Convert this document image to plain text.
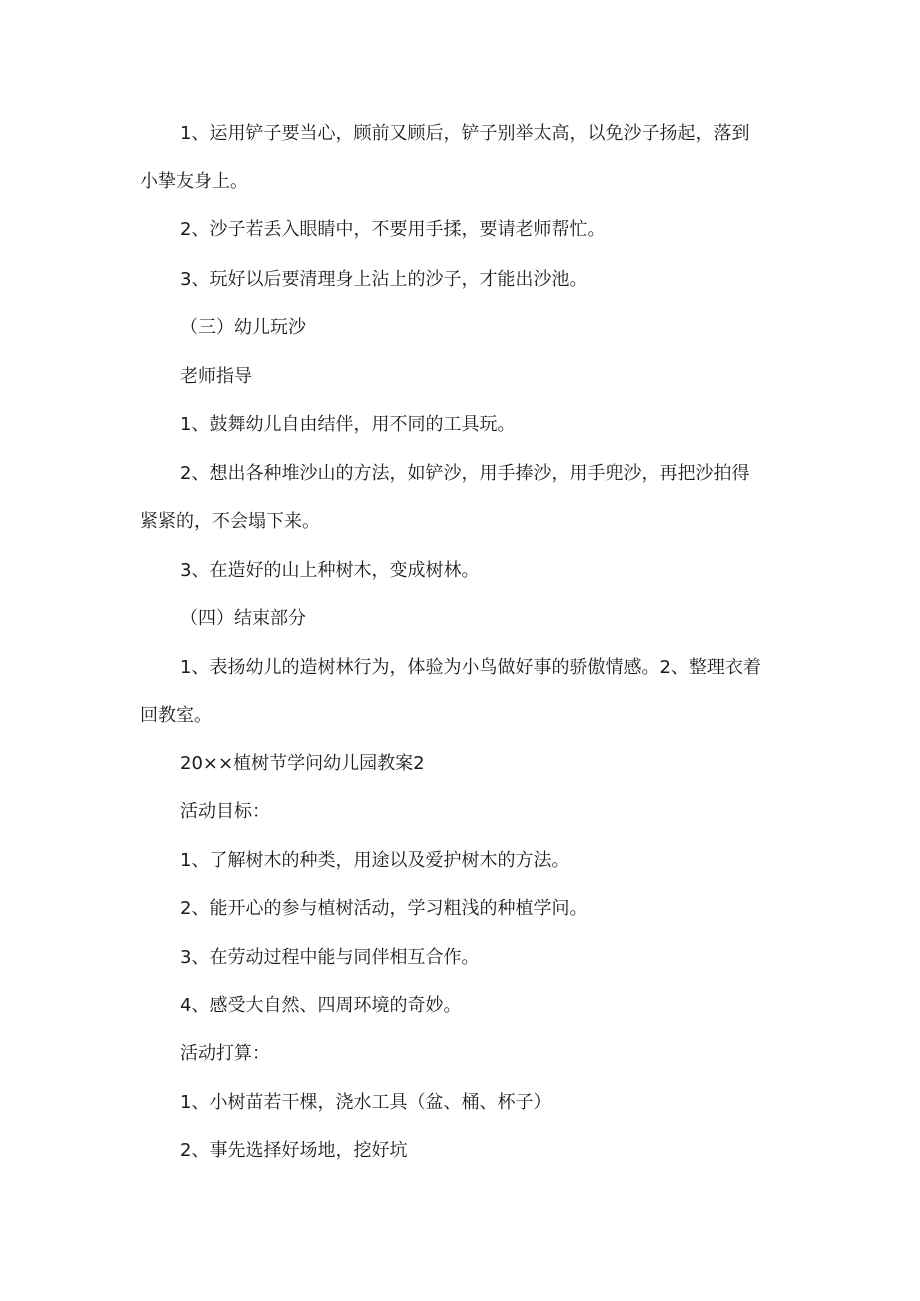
1、运用铲子要当心，顾前又顾后，铲子别举太高，以免沙子扬起，落到
小挚友身上。
2、沙子若丢入眼睛中，不要用手揉，要请老师帮忙。
3、玩好以后要清理身上沾上的沙子，才能出沙池。
（三）幼儿玩沙
老师指导
1、鼓舞幼儿自由结伴，用不同的工具玩。
2、想出各种堆沙山的方法，如铲沙，用手捧沙，用手兜沙，再把沙拍得
紧紧的，不会塌下来。
3、在造好的山上种树木，变成树林。
（四）结束部分
1、表扬幼儿的造树林行为，体验为小鸟做好事的骄傲情感。2、整理衣着
回教室。
20××植树节学问幼儿园教案2
活动目标：
1、了解树木的种类，用途以及爱护树木的方法。
2、能开心的参与植树活动，学习粗浅的种植学问。
3、在劳动过程中能与同伴相互合作。
4、感受大自然、四周环境的奇妙。
活动打算：
1、小树苗若干棵，浇水工具（盆、桶、杯子）
2、事先选择好场地，挖好坑
